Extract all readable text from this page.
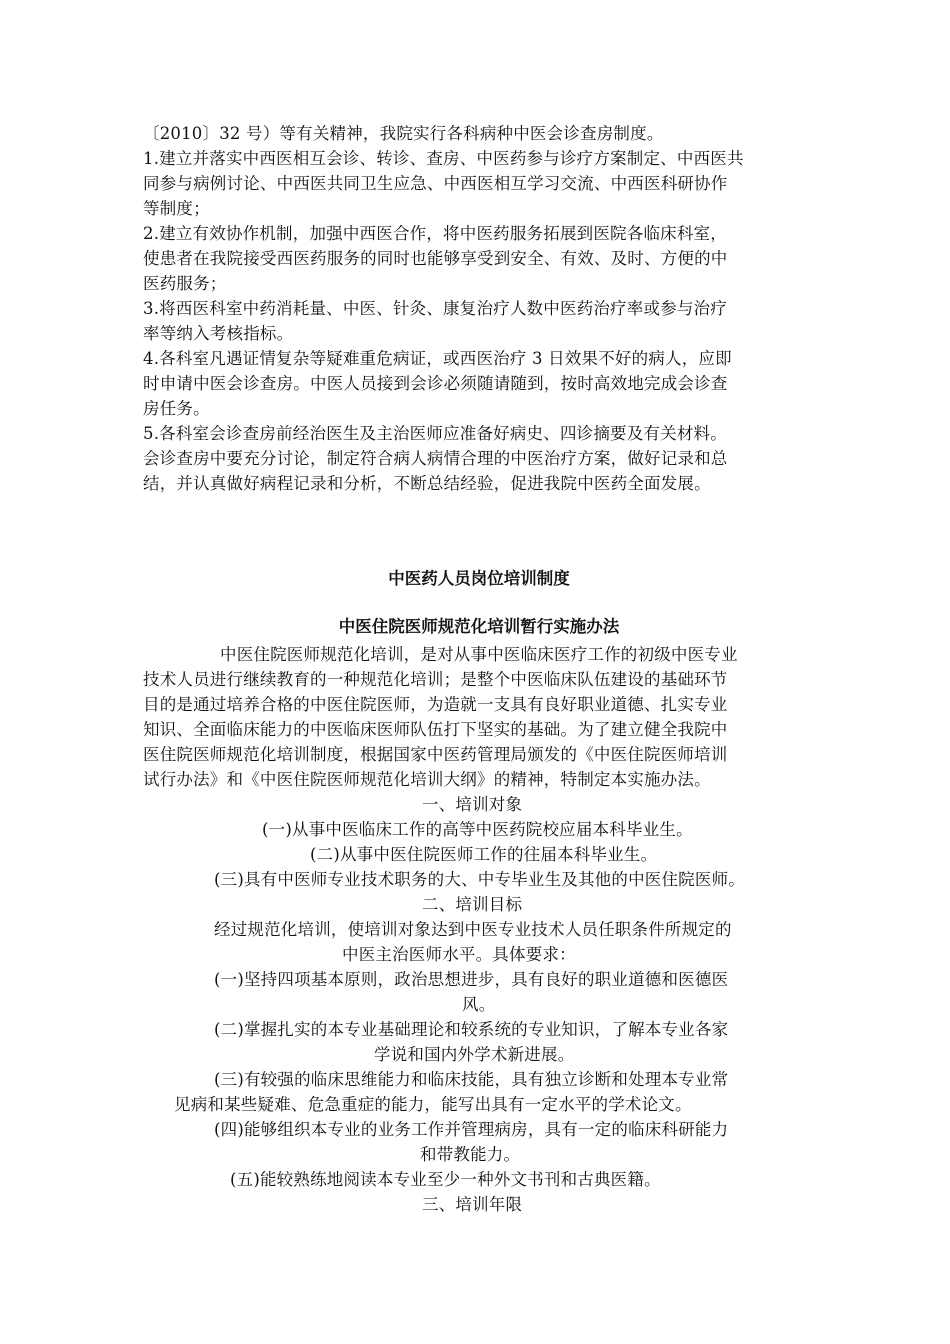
〔2010〕32 号）等有关精神，我院实行各科病种中医会诊查房制度。
1.建立并落实中西医相互会诊、转诊、查房、中医药参与诊疗方案制定、中西医共
同参与病例讨论、中西医共同卫生应急、中西医相互学习交流、中西医科研协作
等制度；
2.建立有效协作机制，加强中西医合作，将中医药服务拓展到医院各临床科室，
使患者在我院接受西医药服务的同时也能够享受到安全、有效、及时、方便的中
医药服务；
3.将西医科室中药消耗量、中医、针灸、康复治疗人数中医药治疗率或参与治疗
率等纳入考核指标。
4.各科室凡遇证情复杂等疑难重危病证，或西医治疗 3 日效果不好的病人，应即
时申请中医会诊查房。中医人员接到会诊必须随请随到，按时高效地完成会诊查
房任务。
5.各科室会诊查房前经治医生及主治医师应准备好病史、四诊摘要及有关材料。
会诊查房中要充分讨论，制定符合病人病情合理的中医治疗方案，做好记录和总
结，并认真做好病程记录和分析，不断总结经验，促进我院中医药全面发展。
中医药人员岗位培训制度
中医住院医师规范化培训暂行实施办法
中医住院医师规范化培训，是对从事中医临床医疗工作的初级中医专业
技术人员进行继续教育的一种规范化培训；是整个中医临床队伍建设的基础环节
目的是通过培养合格的中医住院医师，为造就一支具有良好职业道德、扎实专业
知识、全面临床能力的中医临床医师队伍打下坚实的基础。为了建立健全我院中
医住院医师规范化培训制度，根据国家中医药管理局颁发的《中医住院医师培训
试行办法》和《中医住院医师规范化培训大纲》的精神，特制定本实施办法。
一、培训对象
(一)从事中医临床工作的高等中医药院校应届本科毕业生。
(二)从事中医住院医师工作的往届本科毕业生。
(三)具有中医师专业技术职务的大、中专毕业生及其他的中医住院医师。
二、培训目标
经过规范化培训，使培训对象达到中医专业技术人员任职条件所规定的
中医主治医师水平。具体要求：
(一)坚持四项基本原则，政治思想进步，具有良好的职业道德和医德医
风。
(二)掌握扎实的本专业基础理论和较系统的专业知识，了解本专业各家
学说和国内外学术新进展。
(三)有较强的临床思维能力和临床技能，具有独立诊断和处理本专业常
见病和某些疑难、危急重症的能力，能写出具有一定水平的学术论文。
(四)能够组织本专业的业务工作并管理病房，具有一定的临床科研能力
和带教能力。
(五)能较熟练地阅读本专业至少一种外文书刊和古典医籍。
三、培训年限
